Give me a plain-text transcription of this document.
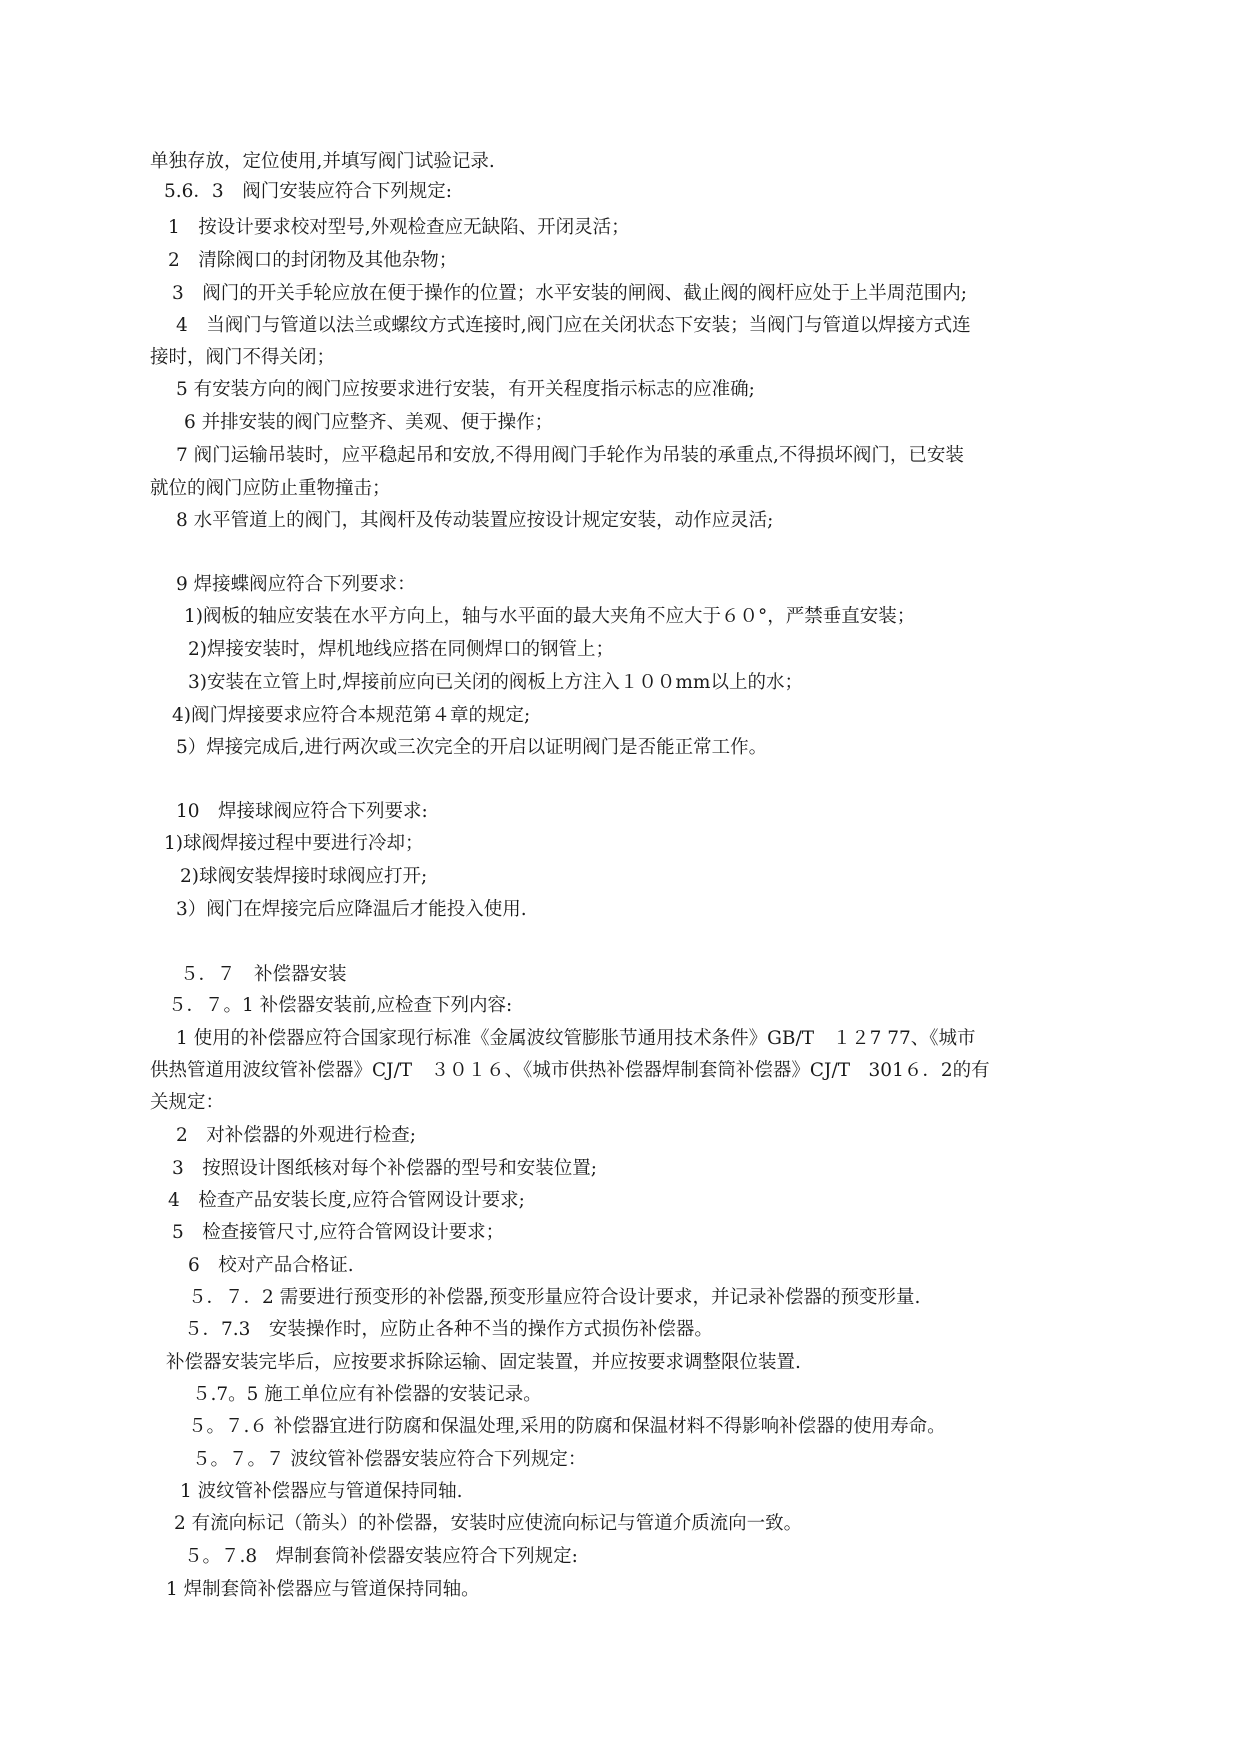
单独存放，定位使用,并填写阀门试验记录.
5.6．3　阀门安装应符合下列规定:
1　按设计要求校对型号,外观检查应无缺陷、开闭灵活；
2　清除阀口的封闭物及其他杂物；
3　阀门的开关手轮应放在便于操作的位置；水平安装的闸阀、截止阀的阀杆应处于上半周范围内;
4　当阀门与管道以法兰或螺纹方式连接时,阀门应在关闭状态下安装；当阀门与管道以焊接方式连
接时，阀门不得关闭；
5 有安装方向的阀门应按要求进行安装，有开关程度指示标志的应准确;
6 并排安装的阀门应整齐、美观、便于操作；
7 阀门运输吊装时，应平稳起吊和安放,不得用阀门手轮作为吊装的承重点,不得损坏阀门，已安装
就位的阀门应防止重物撞击；
8 水平管道上的阀门，其阀杆及传动装置应按设计规定安装，动作应灵活;
9 焊接蝶阀应符合下列要求：
1)阀板的轴应安装在水平方向上，轴与水平面的最大夹角不应大于６０°，严禁垂直安装；
2)焊接安装时，焊机地线应搭在同侧焊口的钢管上；
3)安装在立管上时,焊接前应向已关闭的阀板上方注入１００mm以上的水；
4)阀门焊接要求应符合本规范第４章的规定;
5）焊接完成后,进行两次或三次完全的开启以证明阀门是否能正常工作。
10　焊接球阀应符合下列要求:
1)球阀焊接过程中要进行冷却；
2)球阀安装焊接时球阀应打开;
3）阀门在焊接完后应降温后才能投入使用.
５．７　补偿器安装
５．７。1 补偿器安装前,应检查下列内容:
1 使用的补偿器应符合国家现行标准《金属波纹管膨胀节通用技术条件》GB/T　１２7 77、《城市
供热管道用波纹管补偿器》CJ/T　３０１６、《城市供热补偿器焊制套筒补偿器》CJ/T　301６．2的有
关规定：
2　对补偿器的外观进行检查;
3　按照设计图纸核对每个补偿器的型号和安装位置;
4　检查产品安装长度,应符合管网设计要求;
5　检查接管尺寸,应符合管网设计要求；
6　校对产品合格证.
５．７．2 需要进行预变形的补偿器,预变形量应符合设计要求，并记录补偿器的预变形量.
５．7.3　安装操作时，应防止各种不当的操作方式损伤补偿器。
补偿器安装完毕后，应按要求拆除运输、固定装置，并应按要求调整限位装置.
５.7。5 施工单位应有补偿器的安装记录。
５。７.６ 补偿器宜进行防腐和保温处理,采用的防腐和保温材料不得影响补偿器的使用寿命。
５。７。７ 波纹管补偿器安装应符合下列规定：
1 波纹管补偿器应与管道保持同轴.
2 有流向标记（箭头）的补偿器，安装时应使流向标记与管道介质流向一致。
５。７.8　焊制套筒补偿器安装应符合下列规定:
1 焊制套筒补偿器应与管道保持同轴。
